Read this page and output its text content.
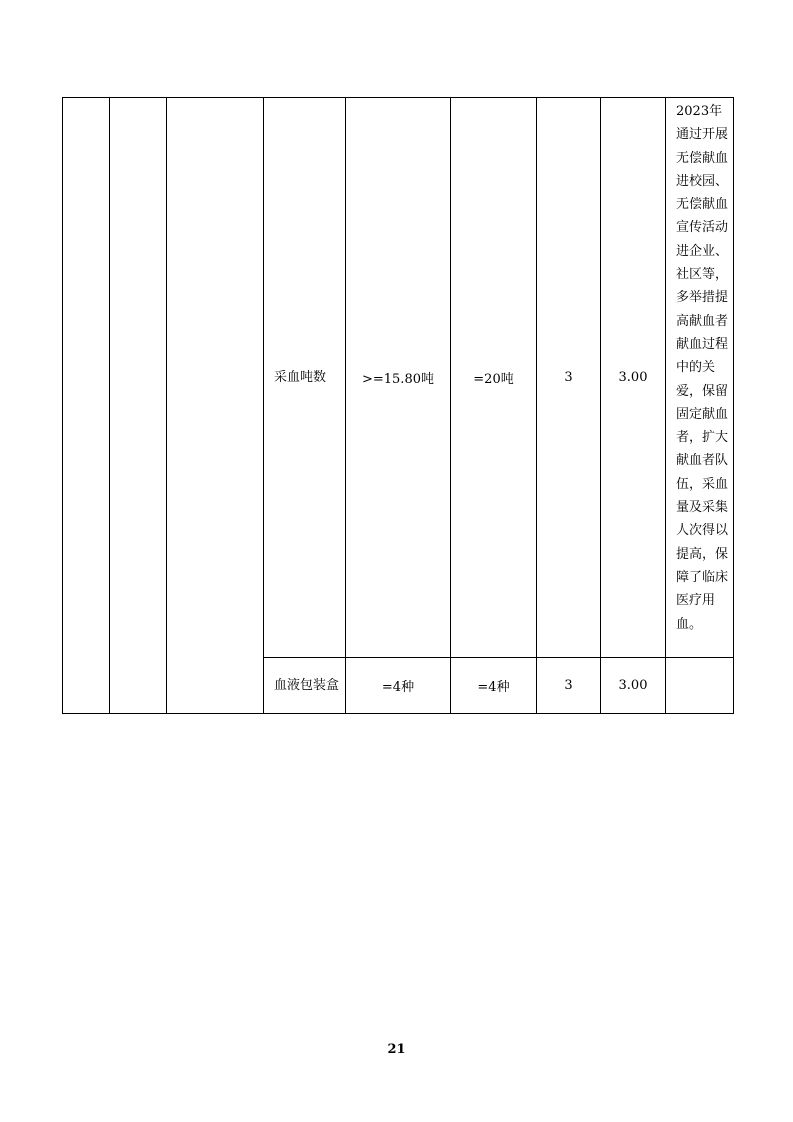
			采血吨数	>=15.80吨	=20吨	3	3.00	2023年通过开展无偿献血进校园、无偿献血宣传活动进企业、社区等，多举措提高献血者献血过程中的关爱，保留固定献血者，扩大献血者队伍，采血量及采集人次得以提高，保障了临床医疗用血。

			血液包装盒	=4种	=4种	3	3.00	
21
